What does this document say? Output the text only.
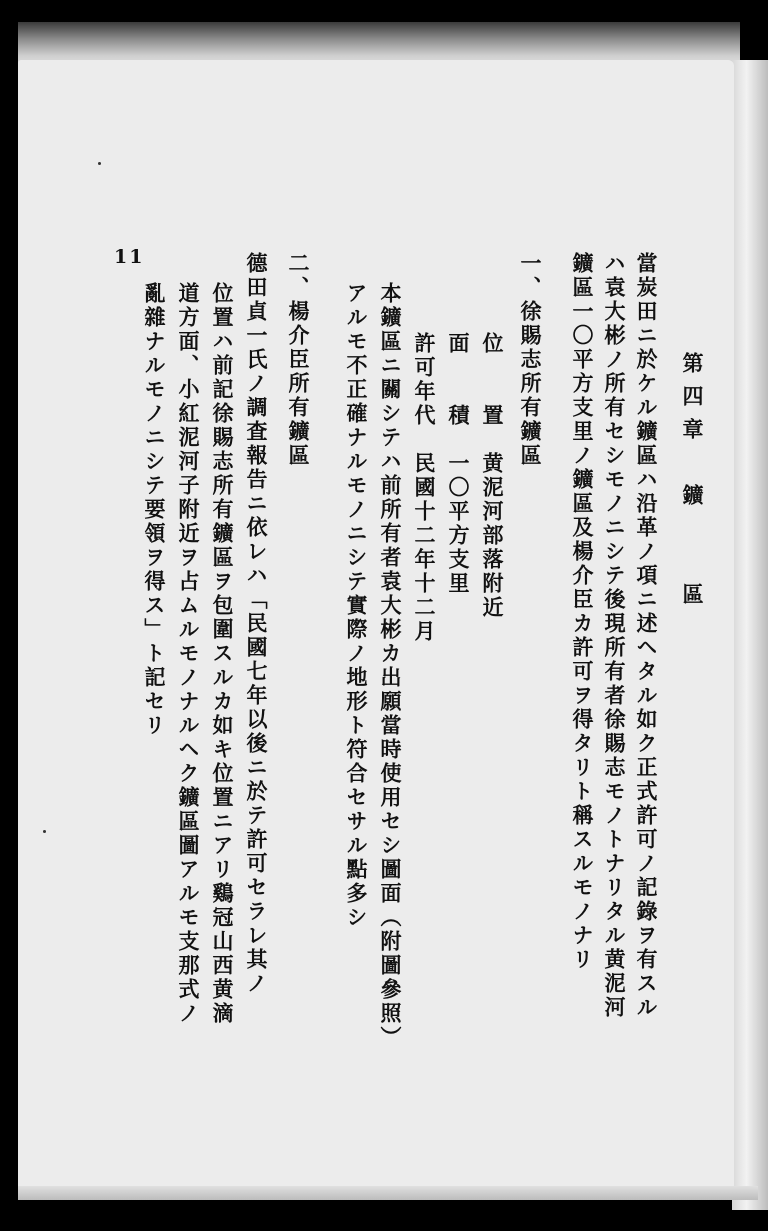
11
第四章　鑛　　區
當炭田ニ於ケル鑛區ハ沿革ノ項ニ述ヘタル如ク正式許可ノ記錄ヲ有スル
ハ袁大彬ノ所有セシモノニシテ後現所有者徐賜志モノトナリタル黄泥河
鑛區一〇平方支里ノ鑛區及楊介臣カ許可ヲ得タリト稱スルモノナリ
一、徐賜志所有鑛區
位　　置　黄泥河部落附近
面　　積　一〇平方支里
許可年代　民國十二年十二月
本鑛區ニ關シテハ前所有者袁大彬カ出願當時使用セシ圖面（附圖參照）
アルモ不正確ナルモノニシテ實際ノ地形ト符合セサル點多シ
二、楊介臣所有鑛區
德田貞一氏ノ調査報告ニ依レハ「民國七年以後ニ於テ許可セラレ其ノ
位置ハ前記徐賜志所有鑛區ヲ包圍スルカ如キ位置ニアリ鷄冠山西黄滴
道方面、小紅泥河子附近ヲ占ムルモノナルヘク鑛區圖アルモ支那式ノ
亂雜ナルモノニシテ要領ヲ得ス」ト記セリ
